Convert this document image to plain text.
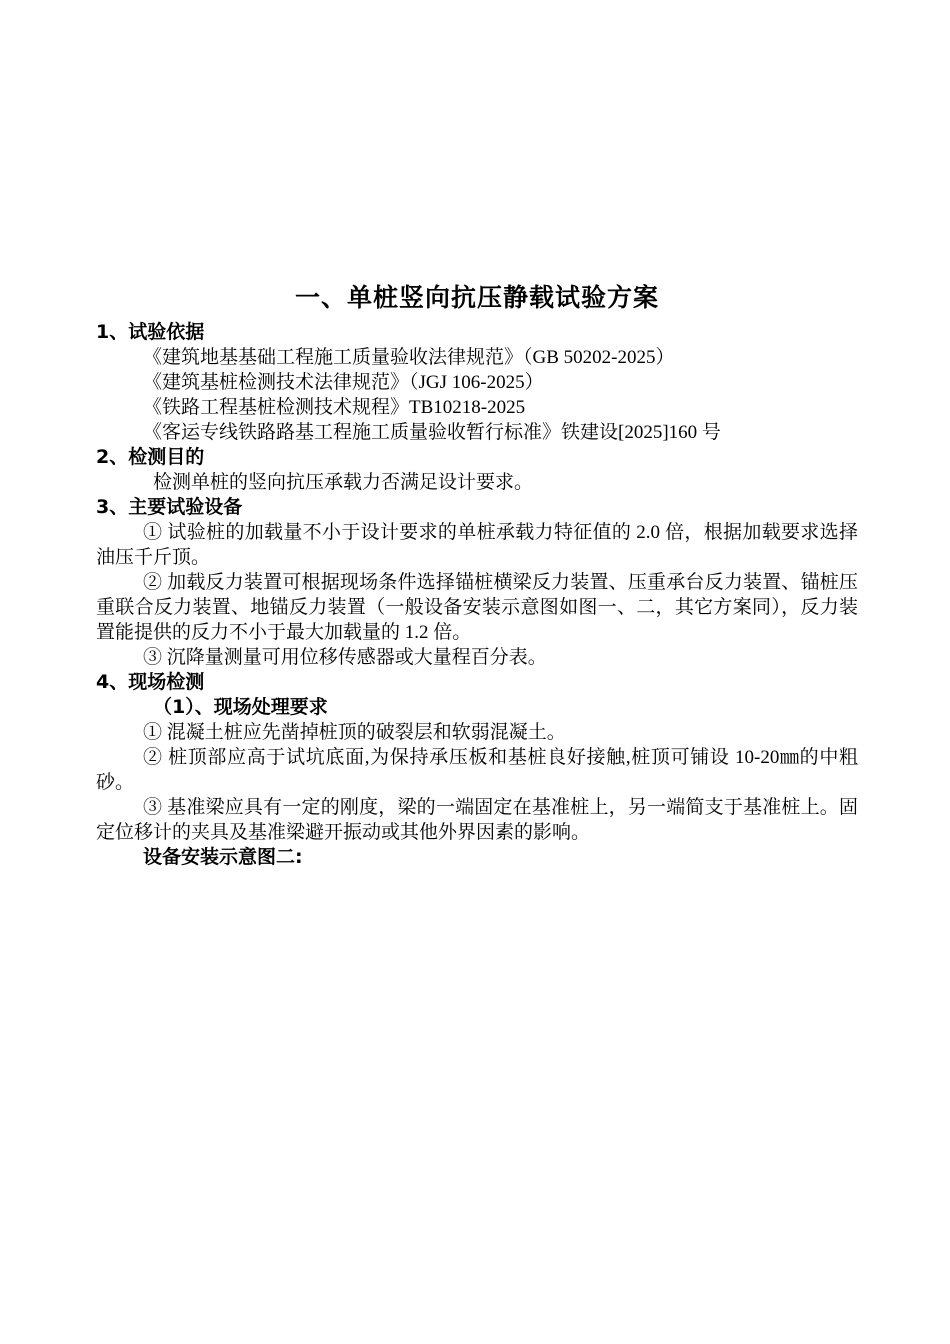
一、单桩竖向抗压静载试验方案
1、试验依据
《建筑地基基础工程施工质量验收法律规范》（GB 50202-2025）
《建筑基桩检测技术法律规范》（JGJ 106-2025）
《铁路工程基桩检测技术规程》TB10218-2025
《客运专线铁路路基工程施工质量验收暂行标准》铁建设[2025]160 号
2、检测目的
检测单桩的竖向抗压承载力否满足设计要求。
3、主要试验设备
① 试验桩的加载量不小于设计要求的单桩承载力特征值的 2.0 倍，根据加载要求选择油压千斤顶。
② 加载反力装置可根据现场条件选择锚桩横梁反力装置、压重承台反力装置、锚桩压重联合反力装置、地锚反力装置（一般设备安装示意图如图一、二，其它方案同），反力装置能提供的反力不小于最大加载量的 1.2 倍。
③ 沉降量测量可用位移传感器或大量程百分表。
4、现场检测
（1）、现场处理要求
① 混凝土桩应先凿掉桩顶的破裂层和软弱混凝土。
② 桩顶部应高于试坑底面,为保持承压板和基桩良好接触,桩顶可铺设 10-20㎜的中粗砂。
③ 基准梁应具有一定的刚度，梁的一端固定在基准桩上，另一端简支于基准桩上。固定位移计的夹具及基准梁避开振动或其他外界因素的影响。
设备安装示意图二:
